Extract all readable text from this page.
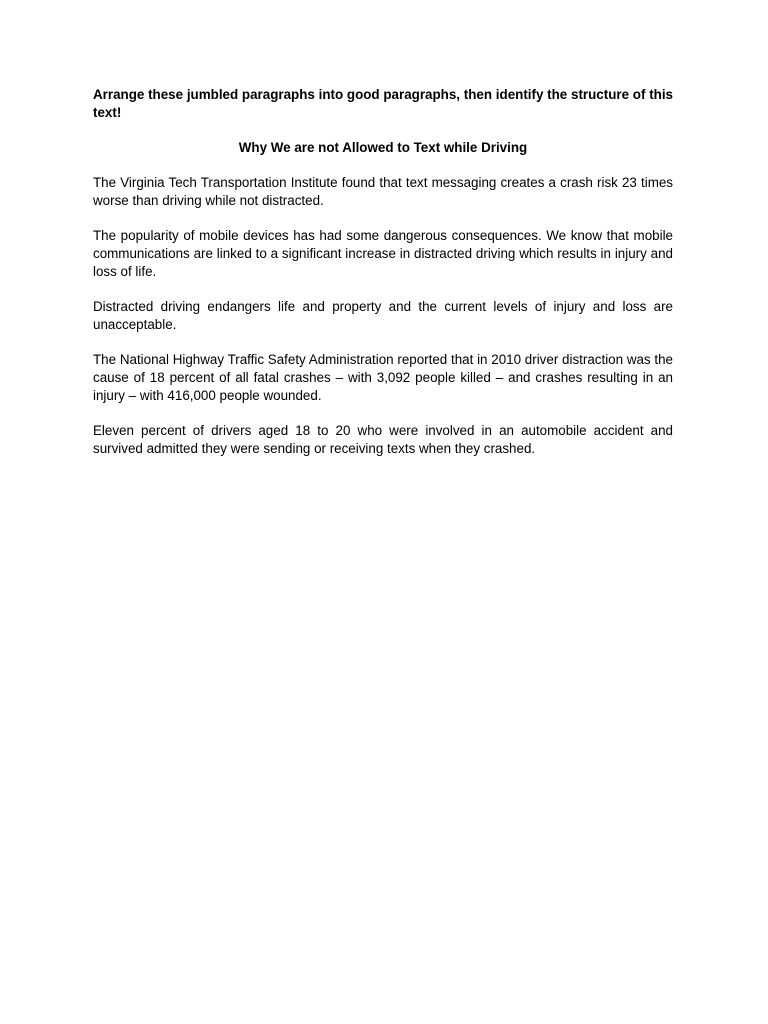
Arrange these jumbled paragraphs into good paragraphs, then identify the structure of this text!

Why We are not Allowed to Text while Driving

The Virginia Tech Transportation Institute found that text messaging creates a crash risk 23 times worse than driving while not distracted.

The popularity of mobile devices has had some dangerous consequences. We know that mobile communications are linked to a significant increase in distracted driving which results in injury and loss of life.

Distracted driving endangers life and property and the current levels of injury and loss are unacceptable.

The National Highway Traffic Safety Administration reported that in 2010 driver distraction was the cause of 18 percent of all fatal crashes – with 3,092 people killed – and crashes resulting in an injury – with 416,000 people wounded.

Eleven percent of drivers aged 18 to 20 who were involved in an automobile accident and survived admitted they were sending or receiving texts when they crashed.
